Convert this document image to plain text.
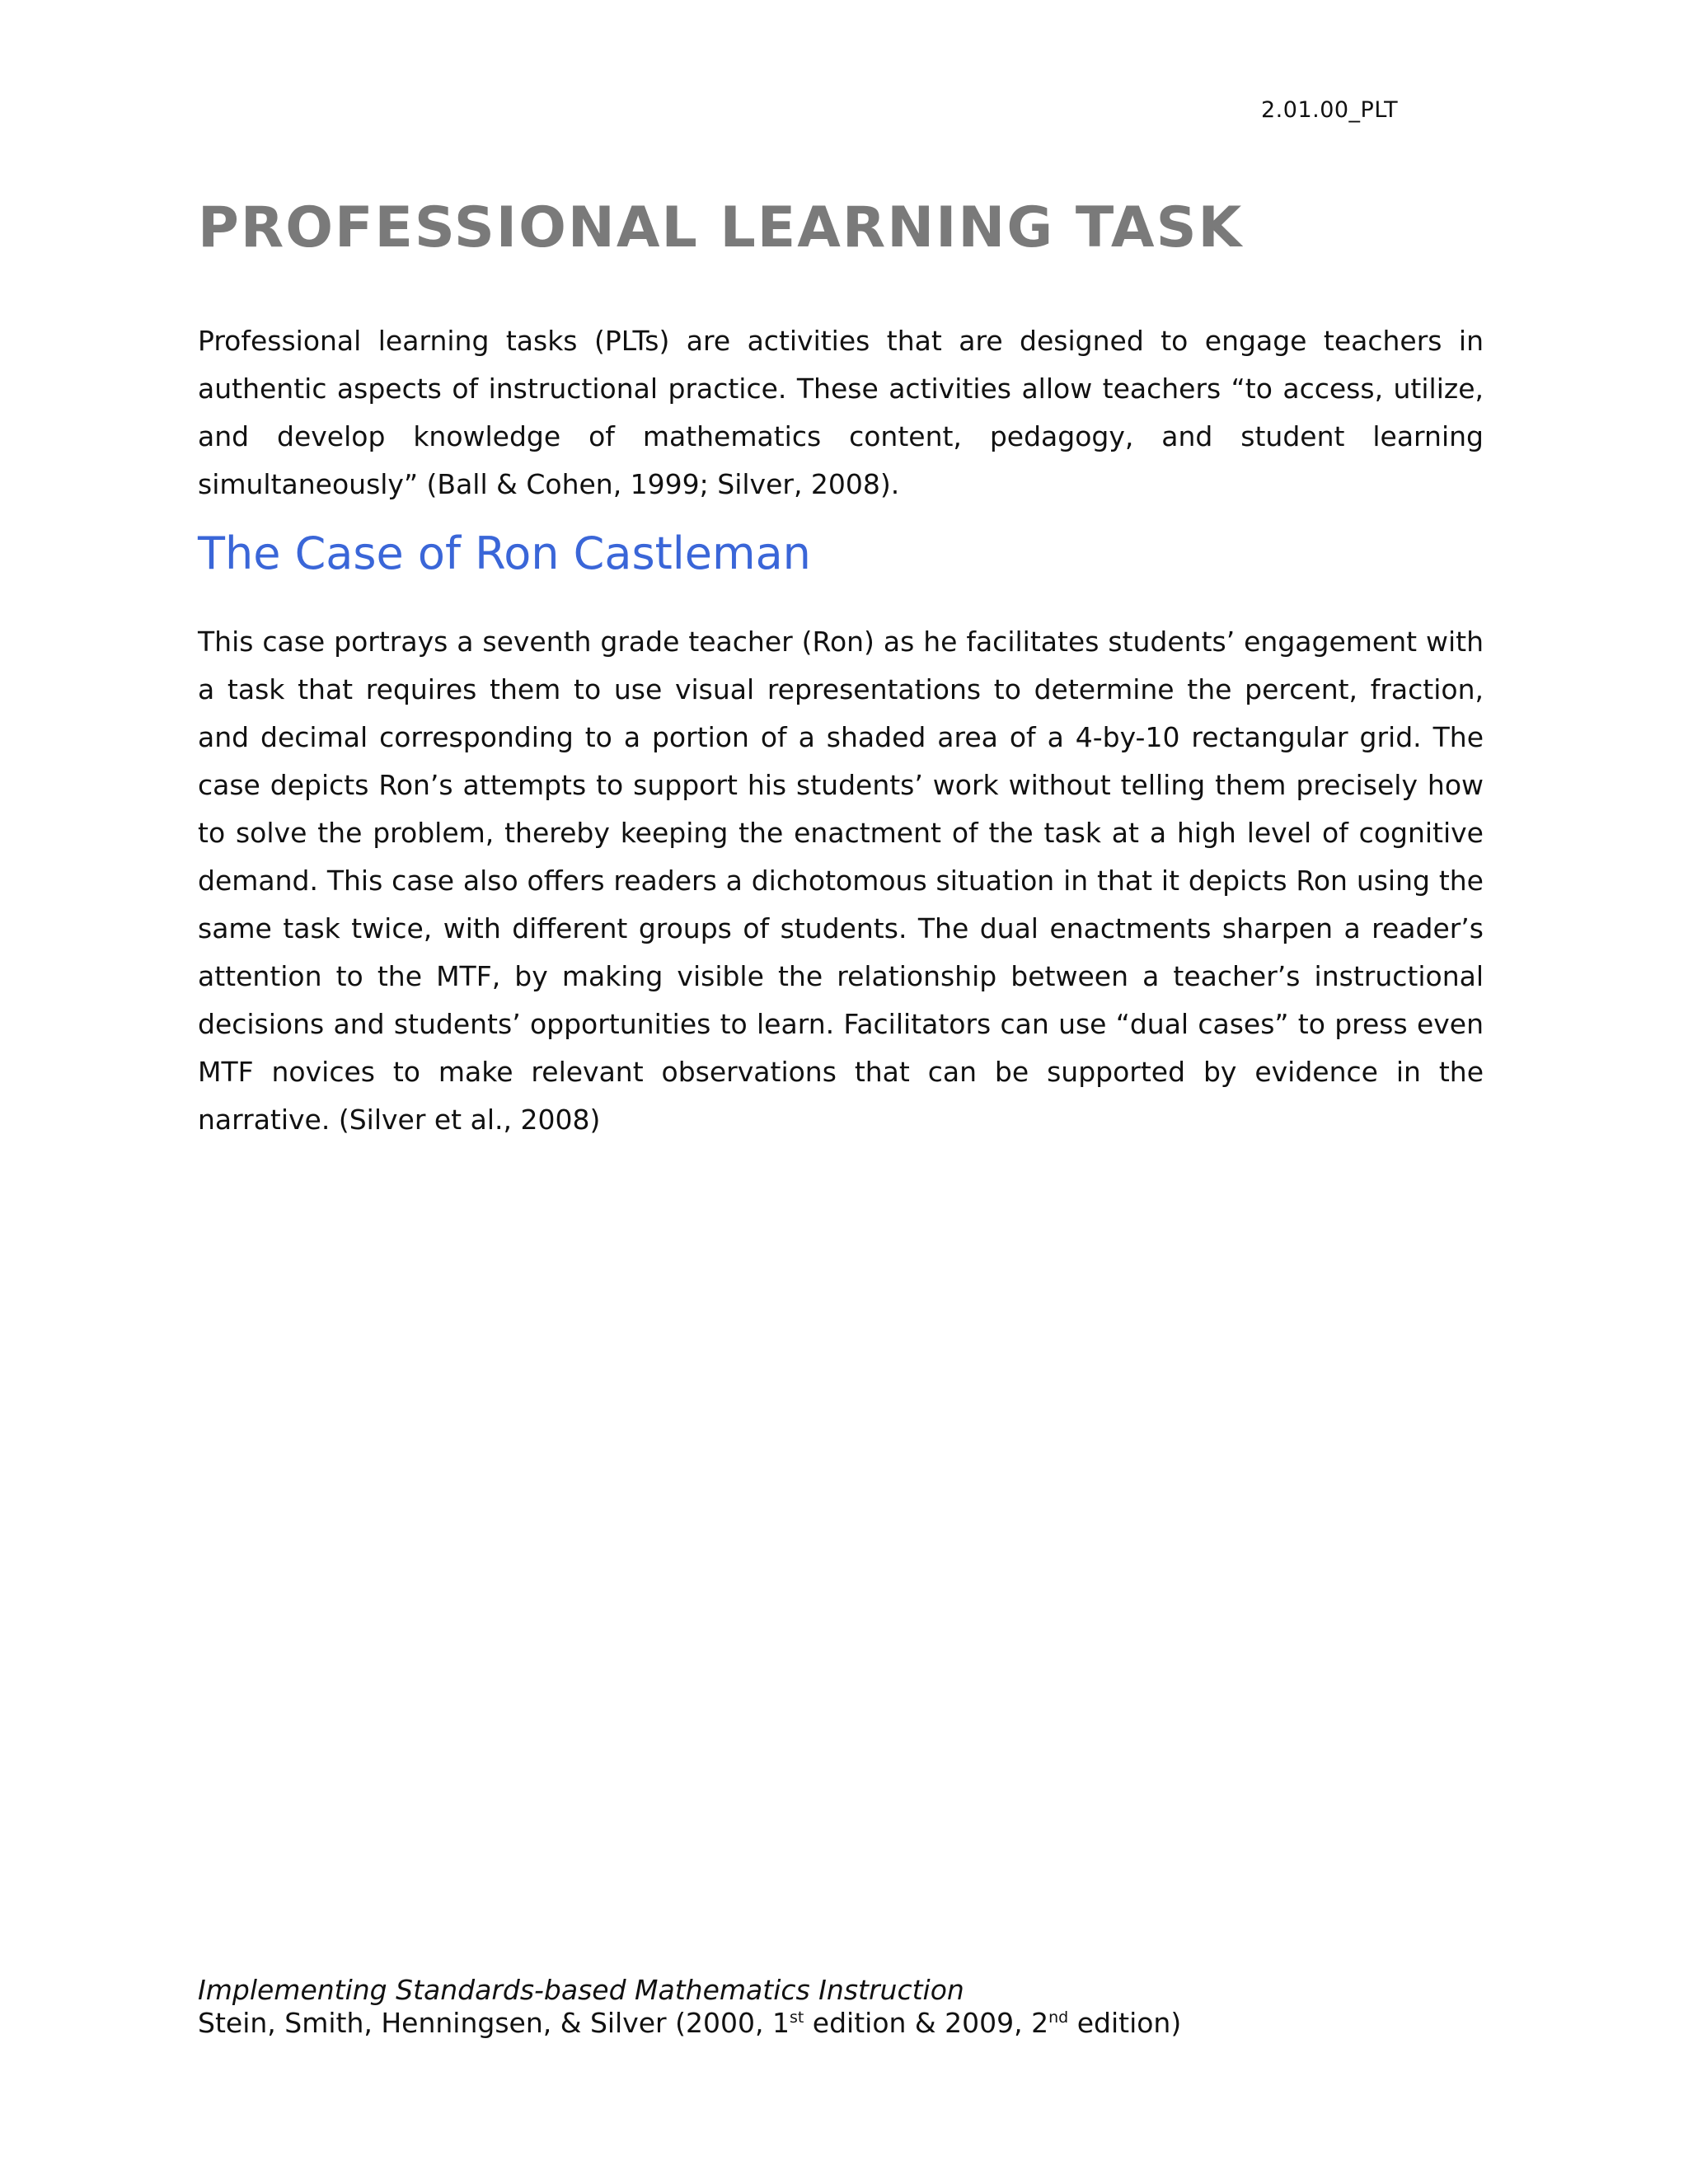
2.01.00_PLT
PROFESSIONAL LEARNING TASK

Professional learning tasks (PLTs) are activities that are designed to engage teachers in authentic aspects of instructional practice. These activities allow teachers “to access, utilize, and develop knowledge of mathematics content, pedagogy, and student learning simultaneously” (Ball & Cohen, 1999; Silver, 2008).

The Case of Ron Castleman

This case portrays a seventh grade teacher (Ron) as he facilitates students’ engagement with a task that requires them to use visual representations to determine the percent, fraction, and decimal corresponding to a portion of a shaded area of a 4-by-10 rectangular grid. The case depicts Ron’s attempts to support his students’ work without telling them precisely how to solve the problem, thereby keeping the enactment of the task at a high level of cognitive demand. This case also offers readers a dichotomous situation in that it depicts Ron using the same task twice, with different groups of students. The dual enactments sharpen a reader’s attention to the MTF, by making visible the relationship between a teacher’s instructional decisions and students’ opportunities to learn. Facilitators can use “dual cases” to press even MTF novices to make relevant observations that can be supported by evidence in the narrative. (Silver et al., 2008)

Implementing Standards-based Mathematics Instruction
Stein, Smith, Henningsen, & Silver (2000, 1st edition & 2009, 2nd edition)
